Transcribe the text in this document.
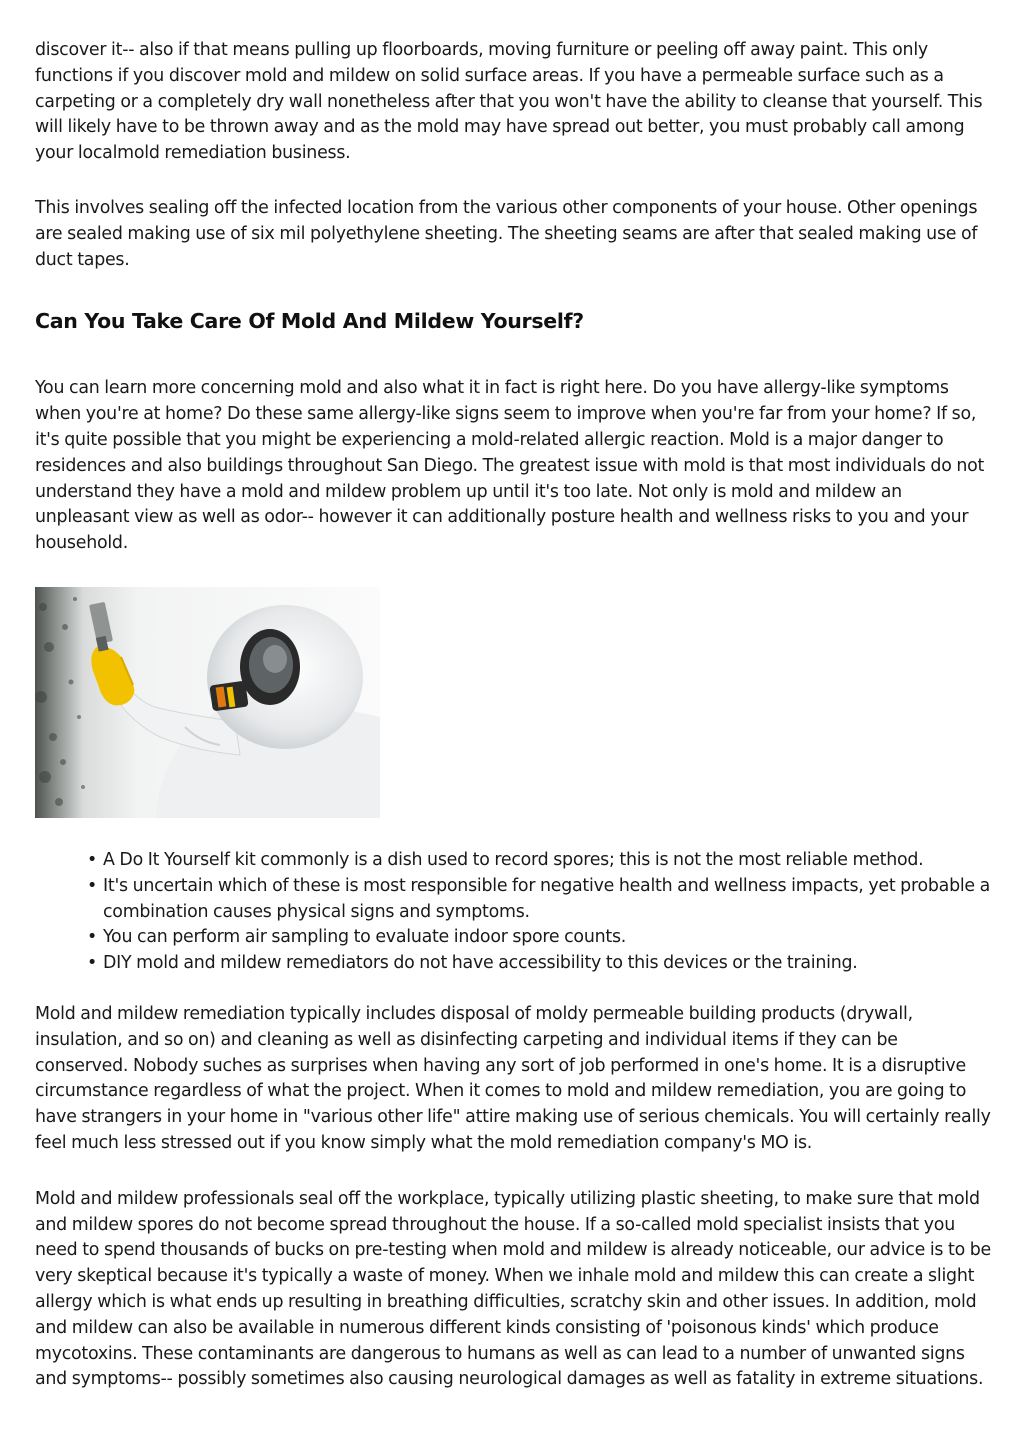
discover it-- also if that means pulling up floorboards, moving furniture or peeling off away paint. This only functions if you discover mold and mildew on solid surface areas. If you have a permeable surface such as a carpeting or a completely dry wall nonetheless after that you won't have the ability to cleanse that yourself. This will likely have to be thrown away and as the mold may have spread out better, you must probably call among your localmold remediation business.

This involves sealing off the infected location from the various other components of your house. Other openings are sealed making use of six mil polyethylene sheeting. The sheeting seams are after that sealed making use of duct tapes.

Can You Take Care Of Mold And Mildew Yourself?

You can learn more concerning mold and also what it in fact is right here. Do you have allergy-like symptoms when you're at home? Do these same allergy-like signs seem to improve when you're far from your home? If so, it's quite possible that you might be experiencing a mold-related allergic reaction. Mold is a major danger to residences and also buildings throughout San Diego. The greatest issue with mold is that most individuals do not understand they have a mold and mildew problem up until it's too late. Not only is mold and mildew an unpleasant view as well as odor-- however it can additionally posture health and wellness risks to you and your household.

• A Do It Yourself kit commonly is a dish used to record spores; this is not the most reliable method.
• It's uncertain which of these is most responsible for negative health and wellness impacts, yet probable a combination causes physical signs and symptoms.
• You can perform air sampling to evaluate indoor spore counts.
• DIY mold and mildew remediators do not have accessibility to this devices or the training.

Mold and mildew remediation typically includes disposal of moldy permeable building products (drywall, insulation, and so on) and cleaning as well as disinfecting carpeting and individual items if they can be conserved. Nobody suches as surprises when having any sort of job performed in one's home. It is a disruptive circumstance regardless of what the project. When it comes to mold and mildew remediation, you are going to have strangers in your home in "various other life" attire making use of serious chemicals. You will certainly really feel much less stressed out if you know simply what the mold remediation company's MO is.

Mold and mildew professionals seal off the workplace, typically utilizing plastic sheeting, to make sure that mold and mildew spores do not become spread throughout the house. If a so-called mold specialist insists that you need to spend thousands of bucks on pre-testing when mold and mildew is already noticeable, our advice is to be very skeptical because it's typically a waste of money. When we inhale mold and mildew this can create a slight allergy which is what ends up resulting in breathing difficulties, scratchy skin and other issues. In addition, mold and mildew can also be available in numerous different kinds consisting of 'poisonous kinds' which produce mycotoxins. These contaminants are dangerous to humans as well as can lead to a number of unwanted signs and symptoms-- possibly sometimes also causing neurological damages as well as fatality in extreme situations.
